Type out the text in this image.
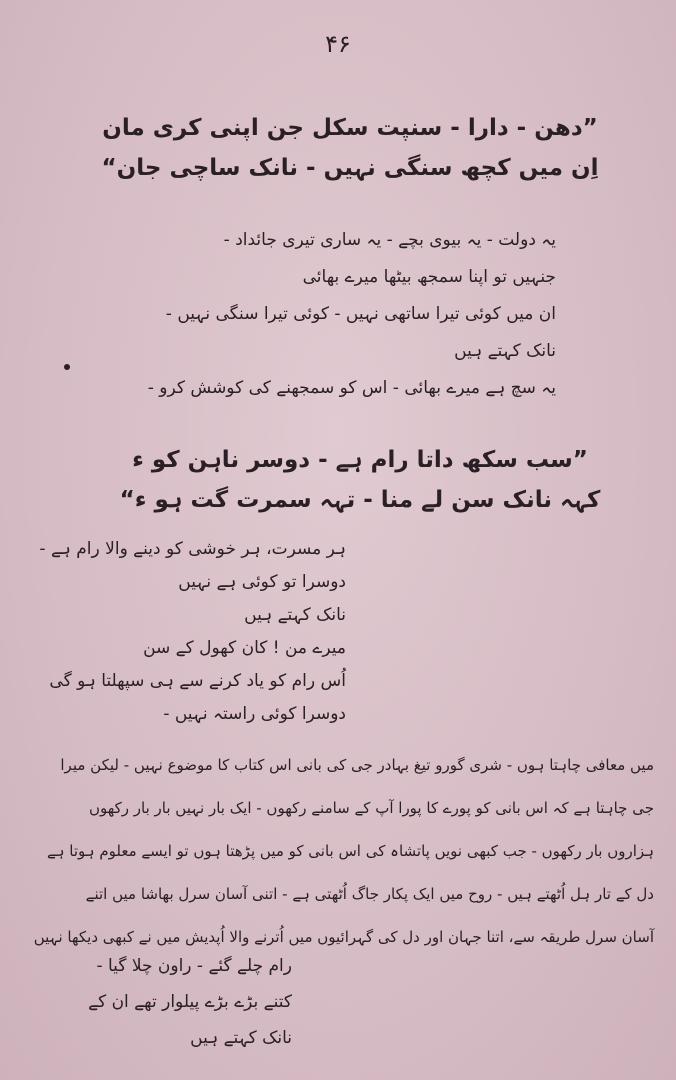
۴۶
”دھن - دارا - سنپت سکل جن اپنی کری مان
اِن میں کچھ سنگی نہیں - نانک ساچی جان“
یہ دولت - یہ بیوی بچے - یہ ساری تیری جائداد -
جنہیں تو اپنا سمجھ بیٹھا میرے بھائی
ان میں کوئی تیرا ساتھی نہیں - کوئی تیرا سنگی نہیں -
نانک کہتے ہیں
یہ سچ ہے میرے بھائی - اس کو سمجھنے کی کوشش کرو -
”سب سکھ داتا رام ہے - دوسر ناہن کو ء
کہہ نانک سن لے منا - تہہ سمرت گت ہو ء“
ہر مسرت، ہر خوشی کو دینے والا رام ہے -
دوسرا تو کوئی ہے نہیں
نانک کہتے ہیں
میرے من ! کان کھول کے سن
اُس رام کو یاد کرنے سے ہی سپھلتا ہو گی
دوسرا کوئی راستہ نہیں -
میں معافی چاہتا ہوں - شری گورو تیغ بہادر جی کی بانی اس کتاب کا موضوع نہیں - لیکن میرا
جی چاہتا ہے کہ اس بانی کو پورے کا پورا آپ کے سامنے رکھوں - ایک بار نہیں بار بار رکھوں
ہزاروں بار رکھوں - جب کبھی نویں پاتشاہ کی اس بانی کو میں پڑھتا ہوں تو ایسے معلوم ہوتا ہے
دل کے تار ہل اُٹھتے ہیں - روح میں ایک پکار جاگ اُٹھتی ہے - اتنی آسان سرل بھاشا میں اتنے
آسان سرل طریقہ سے، اتنا جہان اور دل کی گہرائیوں میں اُترنے والا اُپدیش میں نے کبھی دیکھا نہیں
رام چلے گئے - راون چلا گیا -
کتنے بڑے بڑے پیلوار تھے ان کے
نانک کہتے ہیں
